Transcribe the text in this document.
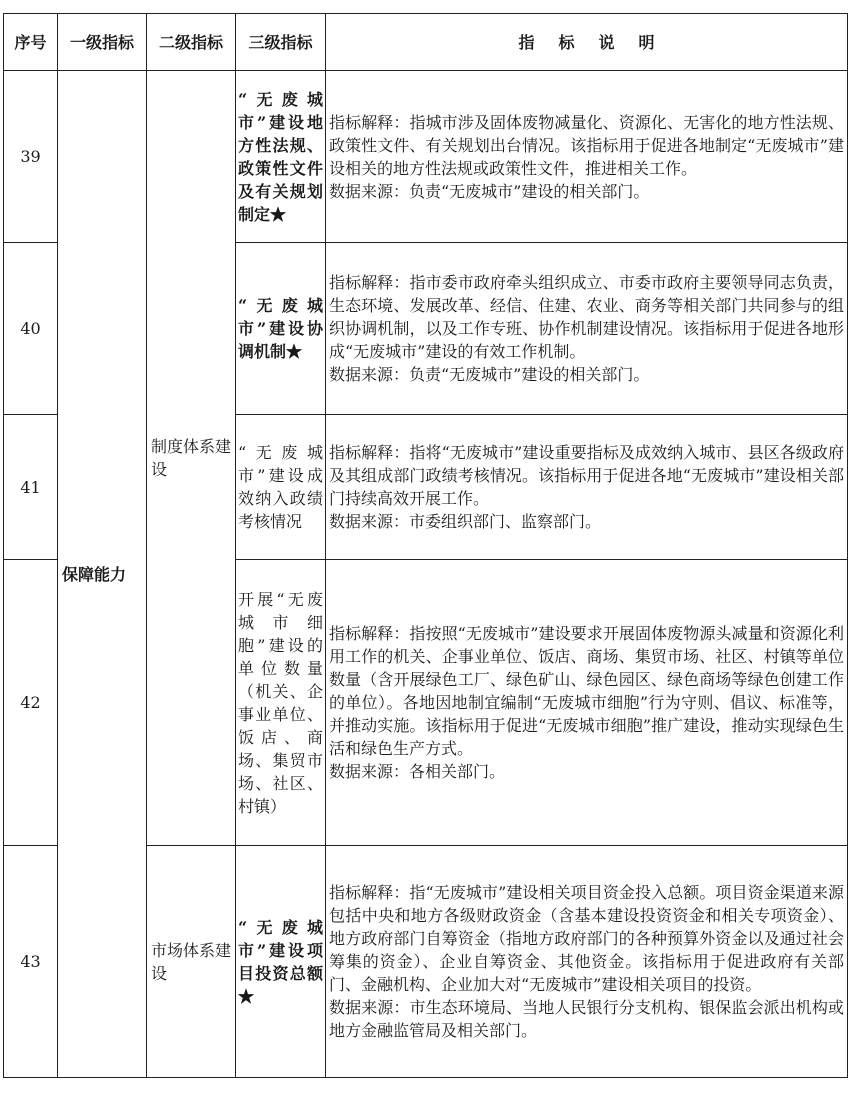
序号	一级指标	二级指标	三级指标	指标说明
39	保障能力	制度体系建设	“无废城市”建设地方性法规、政策性文件及有关规划制定★	指标解释：指城市涉及固体废物减量化、资源化、无害化的地方性法规、政策性文件、有关规划出台情况。该指标用于促进各地制定“无废城市”建设相关的地方性法规或政策性文件，推进相关工作。
数据来源：负责“无废城市”建设的相关部门。

40			“无废城市”建设协调机制★	指标解释：指市委市政府牵头组织成立、市委市政府主要领导同志负责，生态环境、发展改革、经信、住建、农业、商务等相关部门共同参与的组织协调机制，以及工作专班、协作机制建设情况。该指标用于促进各地形成“无废城市”建设的有效工作机制。
数据来源：负责“无废城市”建设的相关部门。

41			“无废城市”建设成效纳入政绩考核情况	指标解释：指将“无废城市”建设重要指标及成效纳入城市、县区各级政府及其组成部门政绩考核情况。该指标用于促进各地“无废城市”建设相关部门持续高效开展工作。
数据来源：市委组织部门、监察部门。

42			开展“无废城市细胞”建设的单位数量（机关、企事业单位、饭店、商场、集贸市场、社区、村镇）	指标解释：指按照“无废城市”建设要求开展固体废物源头减量和资源化利用工作的机关、企事业单位、饭店、商场、集贸市场、社区、村镇等单位数量（含开展绿色工厂、绿色矿山、绿色园区、绿色商场等绿色创建工作的单位）。各地因地制宜编制“无废城市细胞”行为守则、倡议、标准等，并推动实施。该指标用于促进“无废城市细胞”推广建设，推动实现绿色生活和绿色生产方式。
数据来源：各相关部门。

43		市场体系建设	“无废城市”建设项目投资总额★	指标解释：指“无废城市”建设相关项目资金投入总额。项目资金渠道来源包括中央和地方各级财政资金（含基本建设投资资金和相关专项资金）、地方政府部门自筹资金（指地方政府部门的各种预算外资金以及通过社会筹集的资金）、企业自筹资金、其他资金。该指标用于促进政府有关部门、金融机构、企业加大对“无废城市”建设相关项目的投资。
数据来源：市生态环境局、当地人民银行分支机构、银保监会派出机构或地方金融监管局及相关部门。
